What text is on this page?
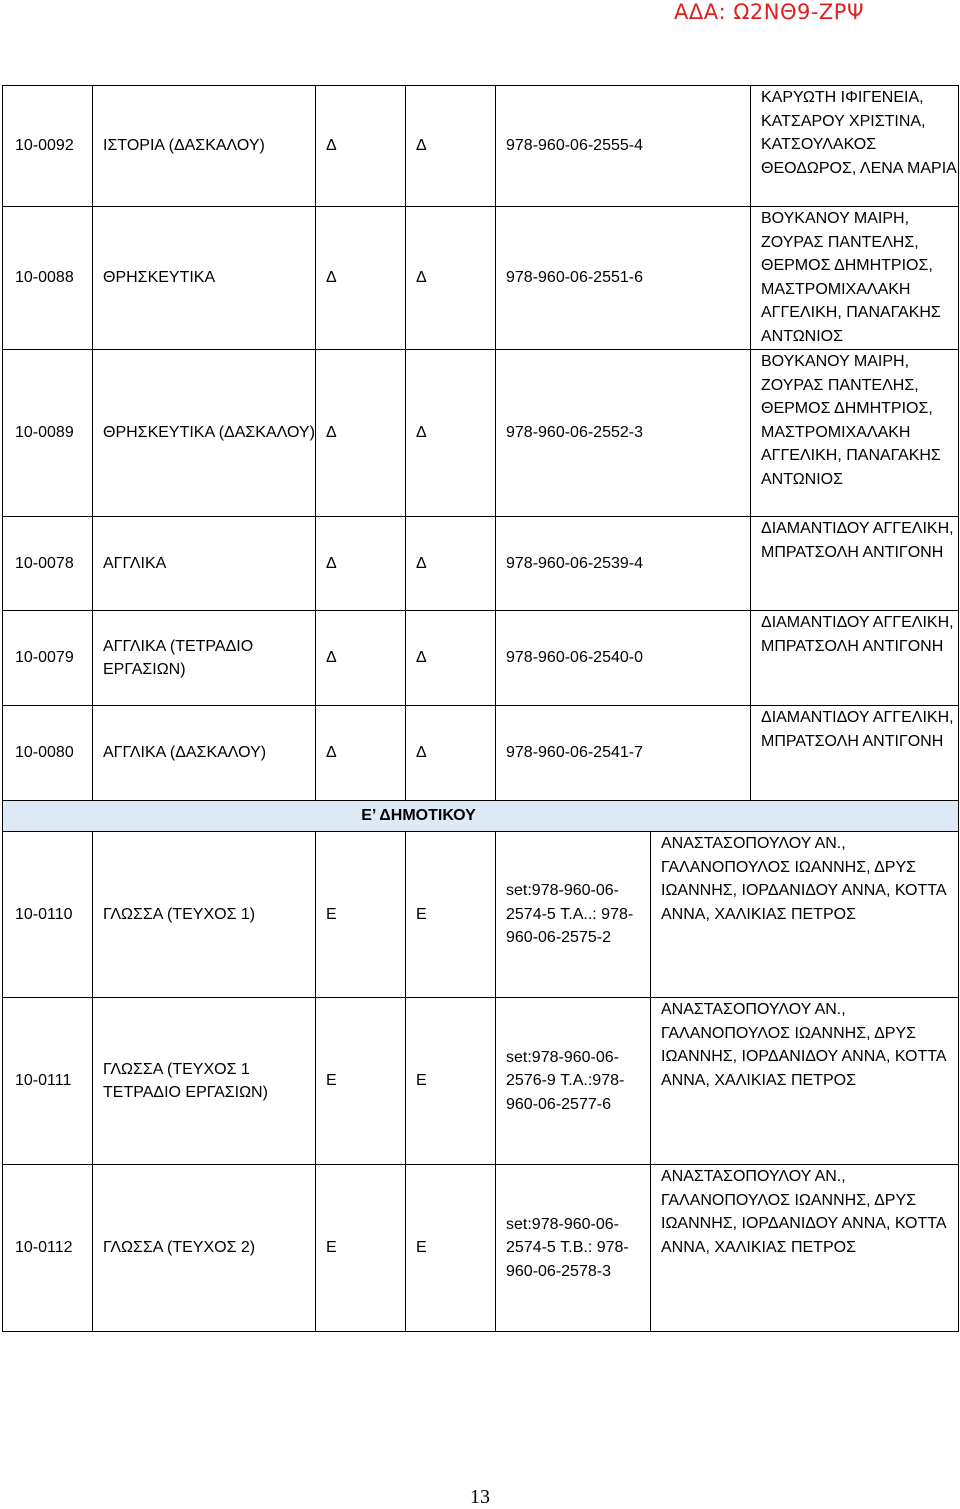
ΑΔΑ: Ω2ΝΘ9-ΖΡΨ
10-0092	ΙΣΤΟΡΙΑ (ΔΑΣΚΑΛΟΥ)	Δ	Δ	978-960-06-2555-4		ΚΑΡΥΩΤΗ ΙΦΙΓΕΝΕΙΑ, ΚΑΤΣΑΡΟΥ ΧΡΙΣΤΙΝΑ, ΚΑΤΣΟΥΛΑΚΟΣ ΘΕΟΔΩΡΟΣ, ΛΕΝΑ ΜΑΡΙΑ
10-0088	ΘΡΗΣΚΕΥΤΙΚΑ	Δ	Δ	978-960-06-2551-6		ΒΟΥΚΑΝΟΥ ΜΑΙΡΗ, ΖΟΥΡΑΣ ΠΑΝΤΕΛΗΣ, ΘΕΡΜΟΣ ΔΗΜΗΤΡΙΟΣ, ΜΑΣΤΡΟΜΙΧΑΛΑΚΗ ΑΓΓΕΛΙΚΗ, ΠΑΝΑΓΑΚΗΣ ΑΝΤΩΝΙΟΣ
10-0089	ΘΡΗΣΚΕΥΤΙΚΑ (ΔΑΣΚΑΛΟΥ)	Δ	Δ	978-960-06-2552-3		ΒΟΥΚΑΝΟΥ ΜΑΙΡΗ, ΖΟΥΡΑΣ ΠΑΝΤΕΛΗΣ, ΘΕΡΜΟΣ ΔΗΜΗΤΡΙΟΣ, ΜΑΣΤΡΟΜΙΧΑΛΑΚΗ ΑΓΓΕΛΙΚΗ, ΠΑΝΑΓΑΚΗΣ ΑΝΤΩΝΙΟΣ
10-0078	ΑΓΓΛΙΚΑ	Δ	Δ	978-960-06-2539-4		ΔΙΑΜΑΝΤΙΔΟΥ ΑΓΓΕΛΙΚΗ, ΜΠΡΑΤΣΟΛΗ ΑΝΤΙΓΟΝΗ
10-0079	ΑΓΓΛΙΚΑ (ΤΕΤΡΑΔΙΟ ΕΡΓΑΣΙΩΝ)	Δ	Δ	978-960-06-2540-0		ΔΙΑΜΑΝΤΙΔΟΥ ΑΓΓΕΛΙΚΗ, ΜΠΡΑΤΣΟΛΗ ΑΝΤΙΓΟΝΗ
10-0080	ΑΓΓΛΙΚΑ (ΔΑΣΚΑΛΟΥ)	Δ	Δ	978-960-06-2541-7		ΔΙΑΜΑΝΤΙΔΟΥ ΑΓΓΕΛΙΚΗ, ΜΠΡΑΤΣΟΛΗ ΑΝΤΙΓΟΝΗ
Ε’ ΔΗΜΟΤΙΚΟΥ						
10-0110	ΓΛΩΣΣΑ (ΤΕΥΧΟΣ 1)	Ε	Ε	set:978-960-06-2574-5 Τ.Α..: 978-960-06-2575-2	ΑΝΑΣΤΑΣΟΠΟΥΛΟΥ ΑΝ., ΓΑΛΑΝΟΠΟΥΛΟΣ ΙΩΑΝΝΗΣ, ΔΡΥΣ ΙΩΑΝΝΗΣ, ΙΟΡΔΑΝΙΔΟΥ ΑΝΝΑ, ΚΟΤΤΑ ΑΝΝΑ, ΧΑΛΙΚΙΑΣ ΠΕΤΡΟΣ	
10-0111	ΓΛΩΣΣΑ (ΤΕΥΧΟΣ 1 ΤΕΤΡΑΔΙΟ ΕΡΓΑΣΙΩΝ)	Ε	Ε	set:978-960-06-2576-9 Τ.Α.:978-960-06-2577-6	ΑΝΑΣΤΑΣΟΠΟΥΛΟΥ ΑΝ., ΓΑΛΑΝΟΠΟΥΛΟΣ ΙΩΑΝΝΗΣ, ΔΡΥΣ ΙΩΑΝΝΗΣ, ΙΟΡΔΑΝΙΔΟΥ ΑΝΝΑ, ΚΟΤΤΑ ΑΝΝΑ, ΧΑΛΙΚΙΑΣ ΠΕΤΡΟΣ	
10-0112	ΓΛΩΣΣΑ (ΤΕΥΧΟΣ 2)	Ε	Ε	set:978-960-06-2574-5 Τ.Β.: 978-960-06-2578-3	ΑΝΑΣΤΑΣΟΠΟΥΛΟΥ ΑΝ., ΓΑΛΑΝΟΠΟΥΛΟΣ ΙΩΑΝΝΗΣ, ΔΡΥΣ ΙΩΑΝΝΗΣ, ΙΟΡΔΑΝΙΔΟΥ ΑΝΝΑ, ΚΟΤΤΑ ΑΝΝΑ, ΧΑΛΙΚΙΑΣ ΠΕΤΡΟΣ	
13
